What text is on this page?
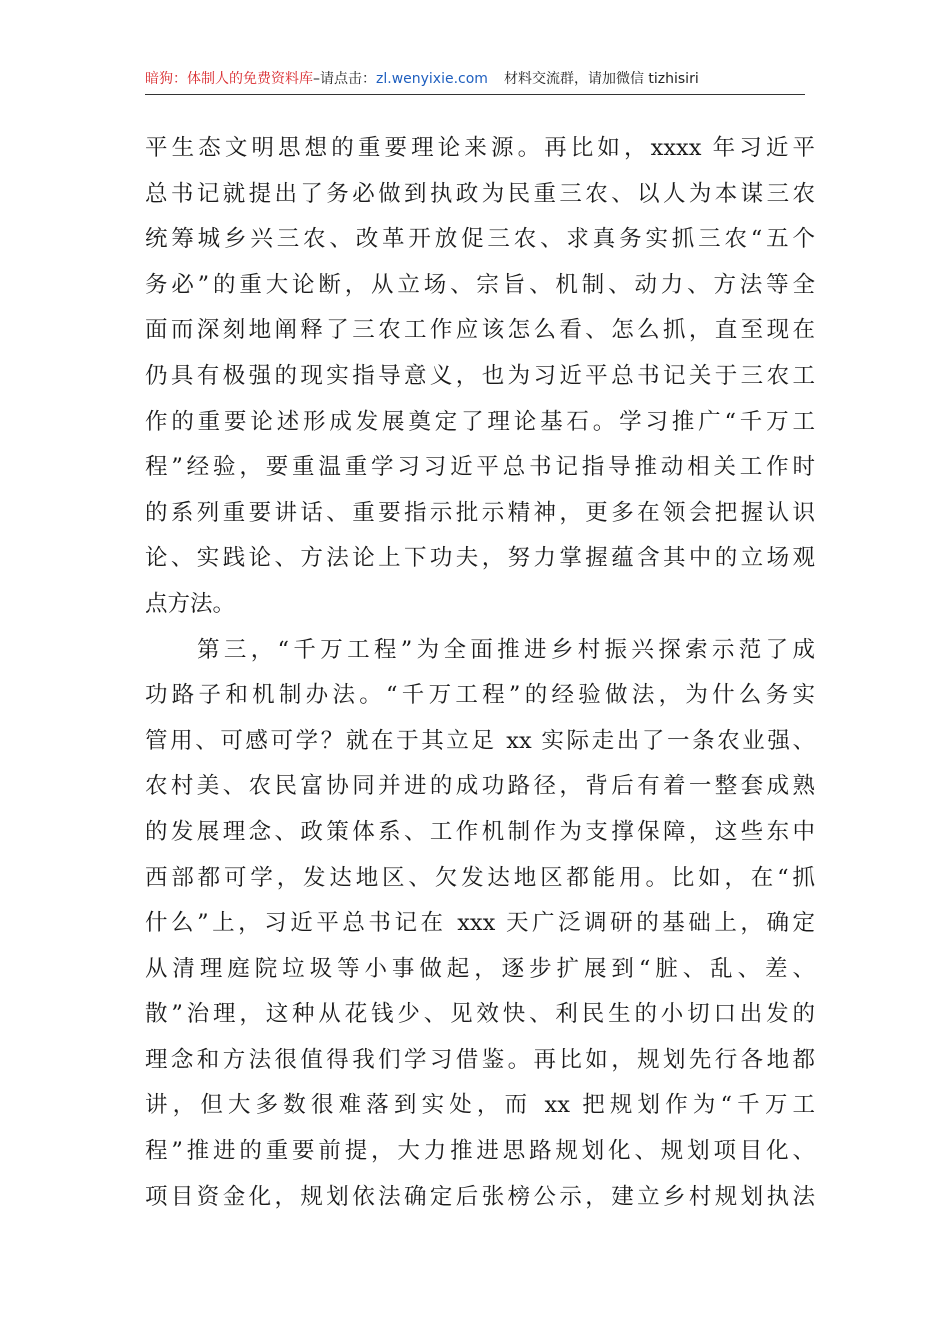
暗狗：体制人的免费资料库–请点击：zl.wenyixie.com 材料交流群，请加微信 tizhisiri
平生态文明思想的重要理论来源。再比如，xxxx 年习近平
总书记就提出了务必做到执政为民重三农、以人为本谋三农
统筹城乡兴三农、改革开放促三农、求真务实抓三农“五个
务必”的重大论断，从立场、宗旨、机制、动力、方法等全
面而深刻地阐释了三农工作应该怎么看、怎么抓，直至现在
仍具有极强的现实指导意义，也为习近平总书记关于三农工
作的重要论述形成发展奠定了理论基石。学习推广“千万工
程”经验，要重温重学习习近平总书记指导推动相关工作时
的系列重要讲话、重要指示批示精神，更多在领会把握认识
论、实践论、方法论上下功夫，努力掌握蕴含其中的立场观
点方法。
第三，“千万工程”为全面推进乡村振兴探索示范了成
功路子和机制办法。“千万工程”的经验做法，为什么务实
管用、可感可学？就在于其立足 xx 实际走出了一条农业强、
农村美、农民富协同并进的成功路径，背后有着一整套成熟
的发展理念、政策体系、工作机制作为支撑保障，这些东中
西部都可学，发达地区、欠发达地区都能用。比如，在“抓
什么”上，习近平总书记在 xxx 天广泛调研的基础上，确定
从清理庭院垃圾等小事做起，逐步扩展到“脏、乱、差、
散”治理，这种从花钱少、见效快、利民生的小切口出发的
理念和方法很值得我们学习借鉴。再比如，规划先行各地都
讲，但大多数很难落到实处，而 xx 把规划作为“千万工
程”推进的重要前提，大力推进思路规划化、规划项目化、
项目资金化，规划依法确定后张榜公示，建立乡村规划执法
